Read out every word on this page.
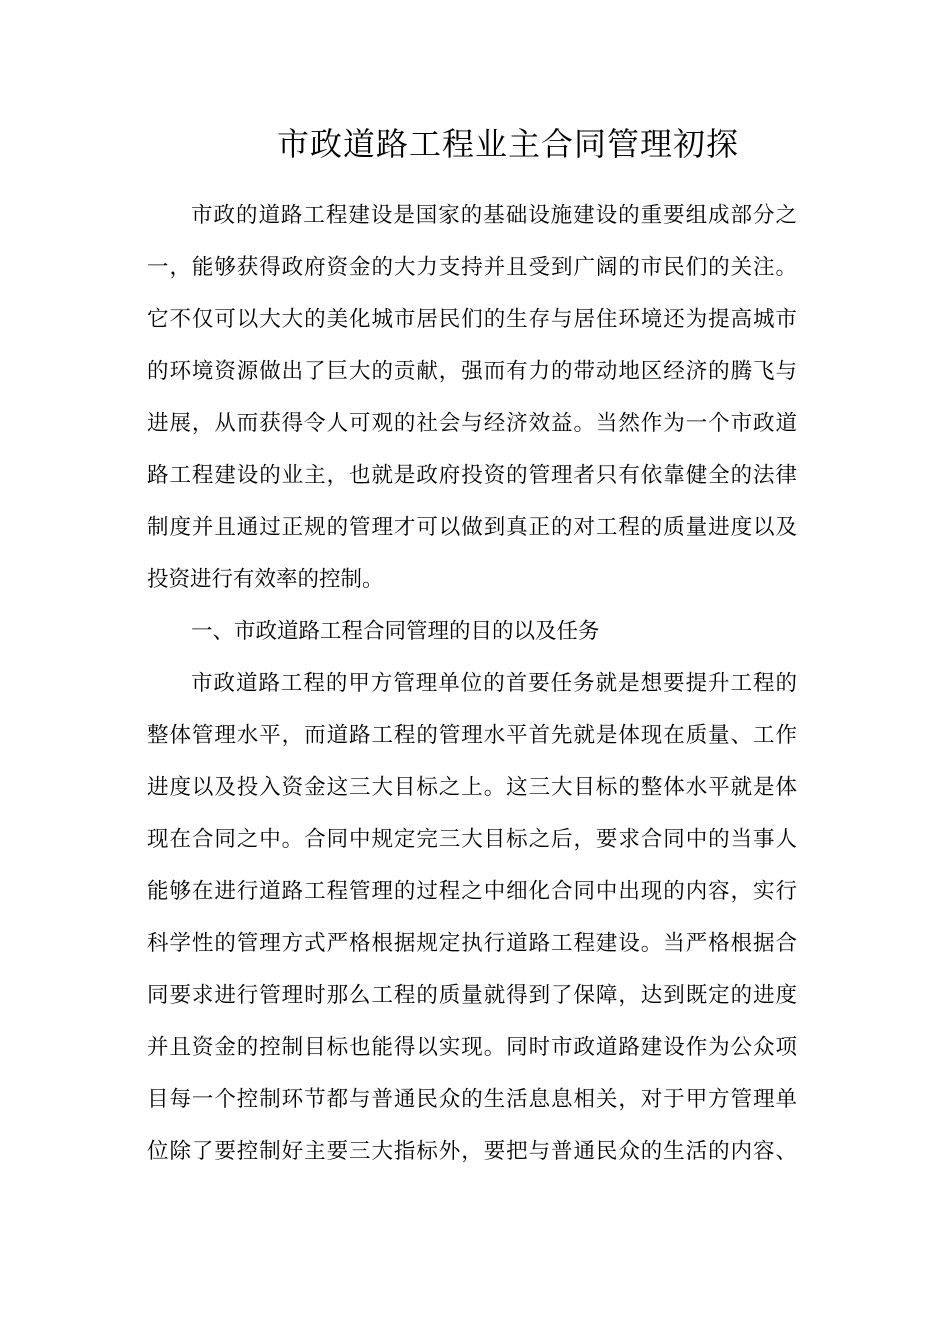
市政道路工程业主合同管理初探
市政的道路工程建设是国家的基础设施建设的重要组成部分之
一，能够获得政府资金的大力支持并且受到广阔的市民们的关注。
它不仅可以大大的美化城市居民们的生存与居住环境还为提高城市
的环境资源做出了巨大的贡献，强而有力的带动地区经济的腾飞与
进展，从而获得令人可观的社会与经济效益。当然作为一个市政道
路工程建设的业主，也就是政府投资的管理者只有依靠健全的法律
制度并且通过正规的管理才可以做到真正的对工程的质量进度以及
投资进行有效率的控制。
一、市政道路工程合同管理的目的以及任务
市政道路工程的甲方管理单位的首要任务就是想要提升工程的
整体管理水平，而道路工程的管理水平首先就是体现在质量、工作
进度以及投入资金这三大目标之上。这三大目标的整体水平就是体
现在合同之中。合同中规定完三大目标之后，要求合同中的当事人
能够在进行道路工程管理的过程之中细化合同中出现的内容，实行
科学性的管理方式严格根据规定执行道路工程建设。当严格根据合
同要求进行管理时那么工程的质量就得到了保障，达到既定的进度
并且资金的控制目标也能得以实现。同时市政道路建设作为公众项
目每一个控制环节都与普通民众的生活息息相关，对于甲方管理单
位除了要控制好主要三大指标外，要把与普通民众的生活的内容、
